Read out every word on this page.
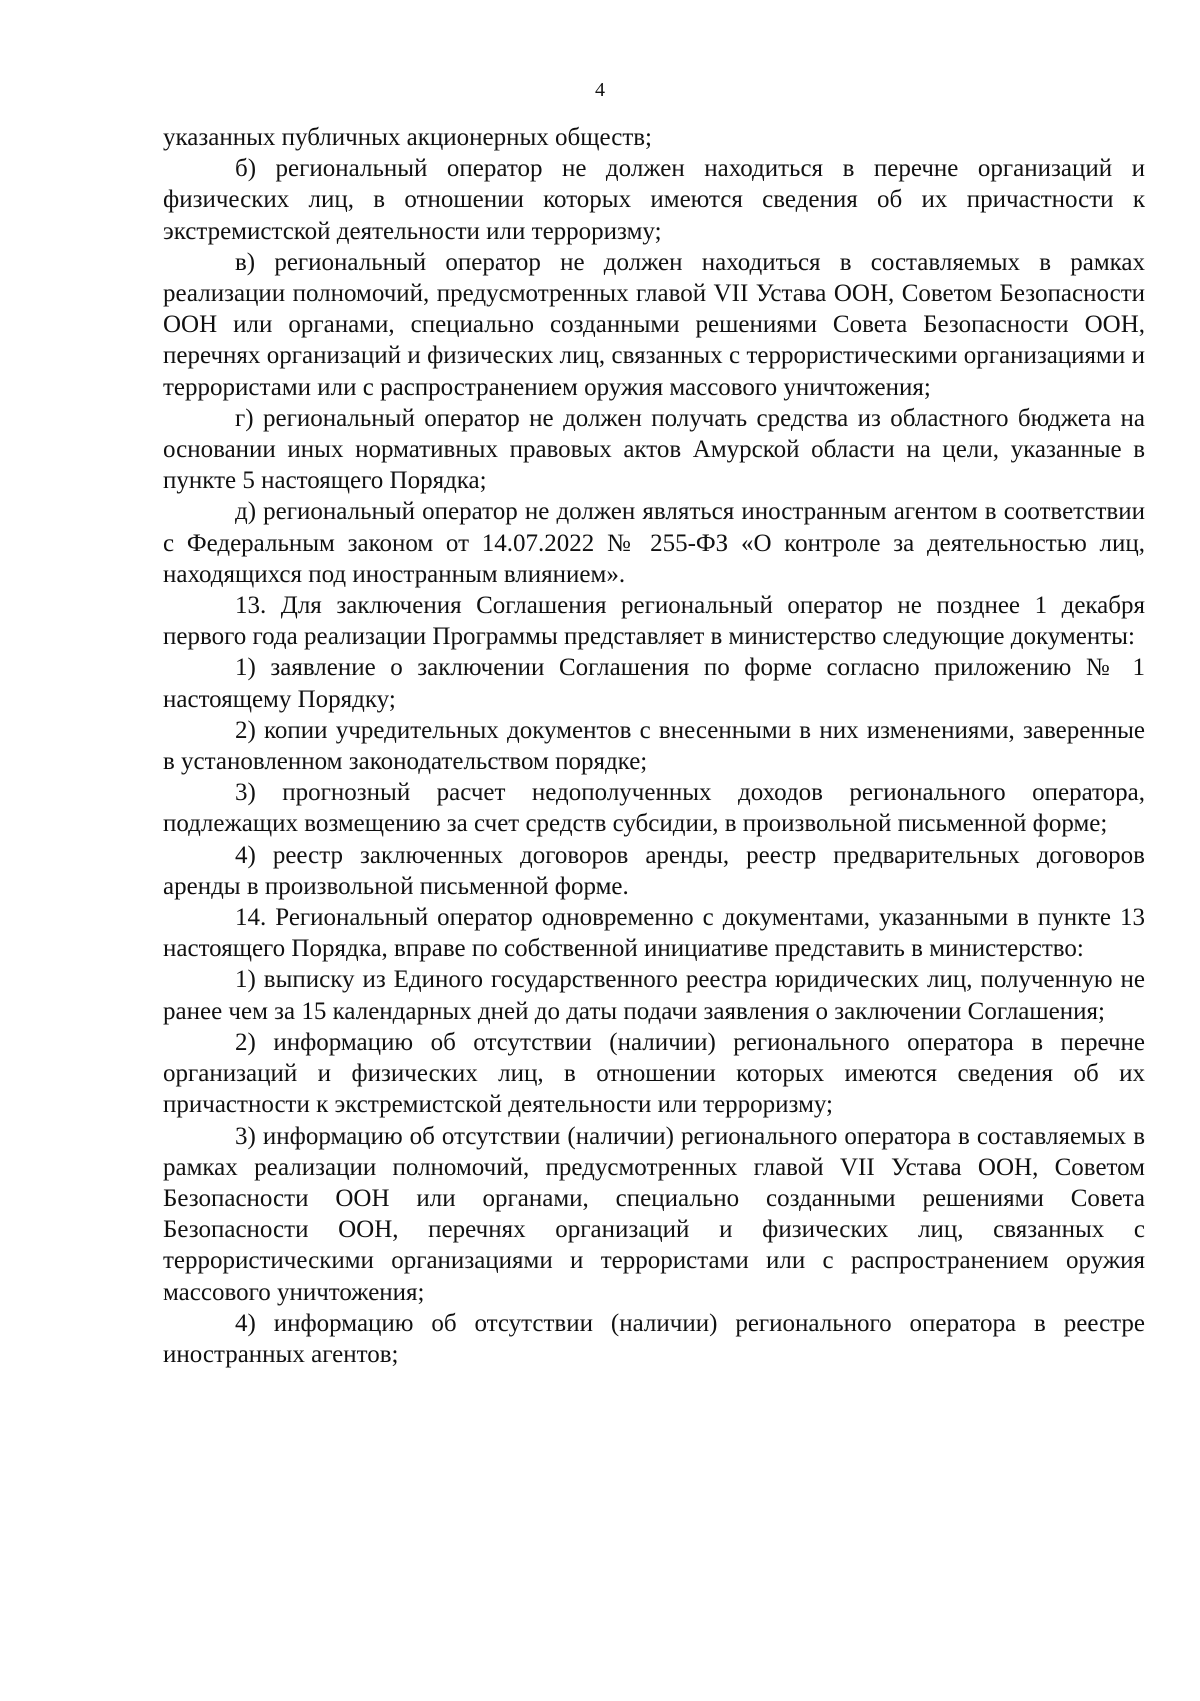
4

указанных публичных акционерных обществ;

б) региональный оператор не должен находиться в перечне организаций и физических лиц, в отношении которых имеются сведения об их причастности к экстремистской деятельности или терроризму;

в) региональный оператор не должен находиться в составляемых в рамках реализации полномочий, предусмотренных главой VII Устава ООН, Советом Безопасности ООН или органами, специально созданными решениями Совета Безопасности ООН, перечнях организаций и физических лиц, связанных с террористическими организациями и террористами или с распространением оружия массового уничтожения;

г) региональный оператор не должен получать средства из областного бюджета на основании иных нормативных правовых актов Амурской области на цели, указанные в пункте 5 настоящего Порядка;

д) региональный оператор не должен являться иностранным агентом в соответствии с Федеральным законом от 14.07.2022 № 255-ФЗ «О контроле за деятельностью лиц, находящихся под иностранным влиянием».

13. Для заключения Соглашения региональный оператор не позднее 1 декабря первого года реализации Программы представляет в министерство следующие документы:

1) заявление о заключении Соглашения по форме согласно приложению № 1 настоящему Порядку;

2) копии учредительных документов с внесенными в них изменениями, заверенные в установленном законодательством порядке;

3) прогнозный расчет недополученных доходов регионального оператора, подлежащих возмещению за счет средств субсидии, в произвольной письменной форме;

4) реестр заключенных договоров аренды, реестр предварительных договоров аренды в произвольной письменной форме.

14. Региональный оператор одновременно с документами, указанными в пункте 13 настоящего Порядка, вправе по собственной инициативе представить в министерство:

1) выписку из Единого государственного реестра юридических лиц, полученную не ранее чем за 15 календарных дней до даты подачи заявления о заключении Соглашения;

2) информацию об отсутствии (наличии) регионального оператора в перечне организаций и физических лиц, в отношении которых имеются сведения об их причастности к экстремистской деятельности или терроризму;

3) информацию об отсутствии (наличии) регионального оператора в составляемых в рамках реализации полномочий, предусмотренных главой VII Устава ООН, Советом Безопасности ООН или органами, специально созданными решениями Совета Безопасности ООН, перечнях организаций и физических лиц, связанных с террористическими организациями и террористами или с распространением оружия массового уничтожения;

4) информацию об отсутствии (наличии) регионального оператора в реестре иностранных агентов;
